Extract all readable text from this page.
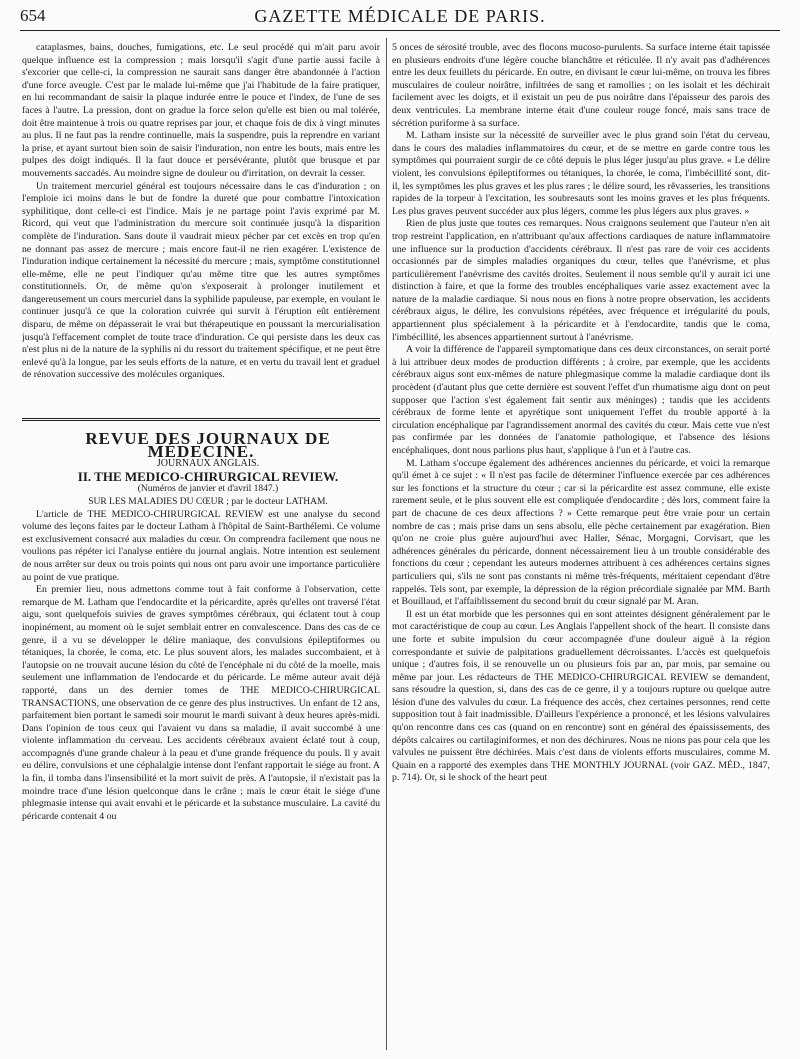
654	GAZETTE MÉDICALE DE PARIS.

cataplasmes, bains, douches, fumigations, etc. Le seul procédé qui m'ait paru avoir quelque influence est la compression ; mais lorsqu'il s'agit d'une partie aussi facile à s'excorier que celle-ci, la compression ne saurait sans danger être abandonnée à l'action d'une force aveugle. C'est par le malade lui-même que j'ai l'habitude de la faire pratiquer, en lui recommandant de saisir la plaque indurée entre le pouce et l'index, de l'une de ses faces à l'autre. La pression, dont on gradue la force selon qu'elle est bien ou mal tolérée, doit être maintenue à trois ou quatre reprises par jour, et chaque fois de dix à vingt minutes au plus. Il ne faut pas la rendre continuelle, mais la suspendre, puis la reprendre en variant la prise, et ayant surtout bien soin de saisir l'induration, non entre les bouts, mais entre les pulpes des doigt indiqués. Il la faut douce et persévérante, plutôt que brusque et par mouvements saccadés. Au moindre signe de douleur ou d'irritation, on devrait la cesser.

Un traitement mercuriel général est toujours nécessaire dans le cas d'induration ; on l'emploie ici moins dans le but de fondre la dureté que pour combattre l'intoxication syphilitique, dont celle-ci est l'indice. Mais je ne partage point l'avis exprimé par M. Ricord, qui veut que l'administration du mercure soit continuée jusqu'à la disparition complète de l'induration. Sans doute il vaudrait mieux pécher par cet excès en trop qu'en ne donnant pas assez de mercure ; mais encore faut-il ne rien exagérer. L'existence de l'induration indique certainement la nécessité du mercure ; mais, symptôme constitutionnel elle-même, elle ne peut l'indiquer qu'au même titre que les autres symptômes constitutionnels. Or, de même qu'on s'exposerait à prolonger inutilement et dangereusement un cours mercuriel dans la syphilide papuleuse, par exemple, en voulant le continuer jusqu'à ce que la coloration cuivrée qui survit à l'éruption eût entièrement disparu, de même on dépasserait le vrai but thérapeutique en poussant la mercurialisation jusqu'à l'effacement complet de toute trace d'induration. Ce qui persiste dans les deux cas n'est plus ni de la nature de la syphilis ni du ressort du traitement spécifique, et ne peut être enlevé qu'à la longue, par les seuls efforts de la nature, et en vertu du travail lent et graduel de rénovation successive des molécules organiques.

REVUE DES JOURNAUX DE MÉDECINE.

JOURNAUX ANGLAIS.

II. THE MEDICO-CHIRURGICAL REVIEW.

(Numéros de janvier et d'avril 1847.)

SUR LES MALADIES DU CŒUR ; par le docteur LATHAM.

L'article de THE MEDICO-CHIRURGICAL REVIEW est une analyse du second volume des leçons faites par le docteur Latham à l'hôpital de Saint-Barthélemi. Ce volume est exclusivement consacré aux maladies du cœur. On comprendra facilement que nous ne voulions pas répéter ici l'analyse entière du journal anglais. Notre intention est seulement de nous arrêter sur deux ou trois points qui nous ont paru avoir une importance particulière au point de vue pratique.

En premier lieu, nous admettons comme tout à fait conforme à l'observation, cette remarque de M. Latham que l'endocardite et la péricardite, après qu'elles ont traversé l'état aigu, sont quelquefois suivies de graves symptômes cérébraux, qui éclatent tout à coup inopinément, au moment où le sujet semblait entrer en convalescence. Dans des cas de ce genre, il a vu se développer le délire maniaque, des convulsions épileptiformes ou tétaniques, la chorée, le coma, etc. Le plus souvent alors, les malades succombaient, et à l'autopsie on ne trouvait aucune lésion du côté de l'encéphale ni du côté de la moelle, mais seulement une inflammation de l'endocarde et du péricarde. Le même auteur avait déjà rapporté, dans un des dernier tomes de THE MEDICO-CHIRURGICAL TRANSACTIONS, une observation de ce genre des plus instructives. Un enfant de 12 ans, parfaitement bien portant le samedi soir mourut le mardi suivant à deux heures après-midi. Dans l'opinion de tous ceux qui l'avaient vu dans sa maladie, il avait succombé à une violente inflammation du cerveau. Les accidents cérébraux avaient éclaté tout à coup, accompagnés d'une grande chaleur à la peau et d'une grande fréquence du pouls. Il y avait eu délire, convulsions et une céphalalgie intense dont l'enfant rapportait le siége au front. A la fin, il tomba dans l'insensibilité et la mort suivit de près. A l'autopsie, il n'existait pas la moindre trace d'une lésion quelconque dans le crâne ; mais le cœur était le siége d'une phlegmasie intense qui avait envahi et le péricarde et la substance musculaire. La cavité du péricarde contenait 4 ou

5 onces de sérosité trouble, avec des flocons mucoso-purulents. Sa surface interne était tapissée en plusieurs endroits d'une légère couche blanchâtre et réticulée. Il n'y avait pas d'adhérences entre les deux feuillets du péricarde. En outre, en divisant le cœur lui-même, on trouva les fibres musculaires de couleur noirâtre, infiltrées de sang et ramollies ; on les isolait et les déchirait facilement avec les doigts, et il existait un peu de pus noirâtre dans l'épaisseur des parois des deux ventricules. La membrane interne était d'une couleur rouge foncé, mais sans trace de sécrétion puriforme à sa surface.

M. Latham insiste sur la nécessité de surveiller avec le plus grand soin l'état du cerveau, dans le cours des maladies inflammatoires du cœur, et de se mettre en garde contre tous les symptômes qui pourraient surgir de ce côté depuis le plus léger jusqu'au plus grave. « Le délire violent, les convulsions épileptiformes ou tétaniques, la chorée, le coma, l'imbécillité sont, dit-il, les symptômes les plus graves et les plus rares ; le délire sourd, les rêvasseries, les transitions rapides de la torpeur à l'excitation, les soubresauts sont les moins graves et les plus fréquents. Les plus graves peuvent succéder aux plus légers, comme les plus légers aux plus graves. »

Rien de plus juste que toutes ces remarques. Nous craignons seulement que l'auteur n'en ait trop restreint l'application, en n'attribuant qu'aux affections cardiaques de nature inflammatoire une influence sur la production d'accidents cérébraux. Il n'est pas rare de voir ces accidents occasionnés par de simples maladies organiques du cœur, telles que l'anévrisme, et plus particulièrement l'anévrisme des cavités droites. Seulement il nous semble qu'il y aurait ici une distinction à faire, et que la forme des troubles encéphaliques varie assez exactement avec la nature de la maladie cardiaque. Si nous nous en fions à notre propre observation, les accidents cérébraux aigus, le délire, les convulsions répétées, avec fréquence et irrégularité du pouls, appartiennent plus spécialement à la péricardite et à l'endocardite, tandis que le coma, l'imbécillité, les absences appartiennent surtout à l'anévrisme.

A voir la différence de l'appareil symptomatique dans ces deux circonstances, on serait porté à lui attribuer deux modes de production différents ; à croire, par exemple, que les accidents cérébraux aigus sont eux-mêmes de nature phlegmasique comme la maladie cardiaque dont ils procèdent (d'autant plus que cette dernière est souvent l'effet d'un rhumatisme aigu dont on peut supposer que l'action s'est également fait sentir aux méninges) ; tandis que les accidents cérébraux de forme lente et apyrétique sont uniquement l'effet du trouble apporté à la circulation encéphalique par l'agrandissement anormal des cavités du cœur. Mais cette vue n'est pas confirmée par les données de l'anatomie pathologique, et l'absence des lésions encéphaliques, dont nous parlions plus haut, s'applique à l'un et à l'autre cas.

M. Latham s'occupe également des adhérences anciennes du péricarde, et voici la remarque qu'il émet à ce sujet : « Il n'est pas facile de déterminer l'influence exercée par ces adhérences sur les fonctions et la structure du cœur ; car si la péricardite est assez commune, elle existe rarement seule, et le plus souvent elle est compliquée d'endocardite ; dès lors, comment faire la part de chacune de ces deux affections ? » Cette remarque peut être vraie pour un certain nombre de cas ; mais prise dans un sens absolu, elle pèche certainement par exagération. Bien qu'on ne croie plus guère aujourd'hui avec Haller, Sénac, Morgagni, Corvisart, que les adhérences générales du péricarde, donnent nécessairement lieu à un trouble considérable des fonctions du cœur ; cependant les auteurs modernes attribuent à ces adhérences certains signes particuliers qui, s'ils ne sont pas constants ni même très-fréquents, méritaient cependant d'être rappelés. Tels sont, par exemple, la dépression de la région précordiale signalée par MM. Barth et Bouillaud, et l'affaiblissement du second bruit du cœur signalé par M. Aran.

Il est un état morbide que les personnes qui en sont atteintes désignent généralement par le mot caractéristique de coup au cœur. Les Anglais l'appellent shock of the heart. Il consiste dans une forte et subite impulsion du cœur accompagnée d'une douleur aiguë à la région correspondante et suivie de palpitations graduellement décroissantes. L'accès est quelquefois unique ; d'autres fois, il se renouvelle un ou plusieurs fois par an, par mois, par semaine ou même par jour. Les rédacteurs de THE MEDICO-CHIRURGICAL REVIEW se demandent, sans résoudre la question, si, dans des cas de ce genre, il y a toujours rupture ou quelque autre lésion d'une des valvules du cœur. La fréquence des accès, chez certaines personnes, rend cette supposition tout à fait inadmissible. D'ailleurs l'expérience a prononcé, et les lésions valvulaires qu'on rencontre dans ces cas (quand on en rencontre) sont en général des épaississements, des dépôts calcaires ou cartilaginiformes, et non des déchirures. Nous ne nions pas pour cela que les valvules ne puissent être déchirées. Mais c'est dans de violents efforts musculaires, comme M. Quain en a rapporté des exemples dans THE MONTHLY JOURNAL (voir GAZ. MÉD., 1847, p. 714). Or, si le shock of the heart peut
